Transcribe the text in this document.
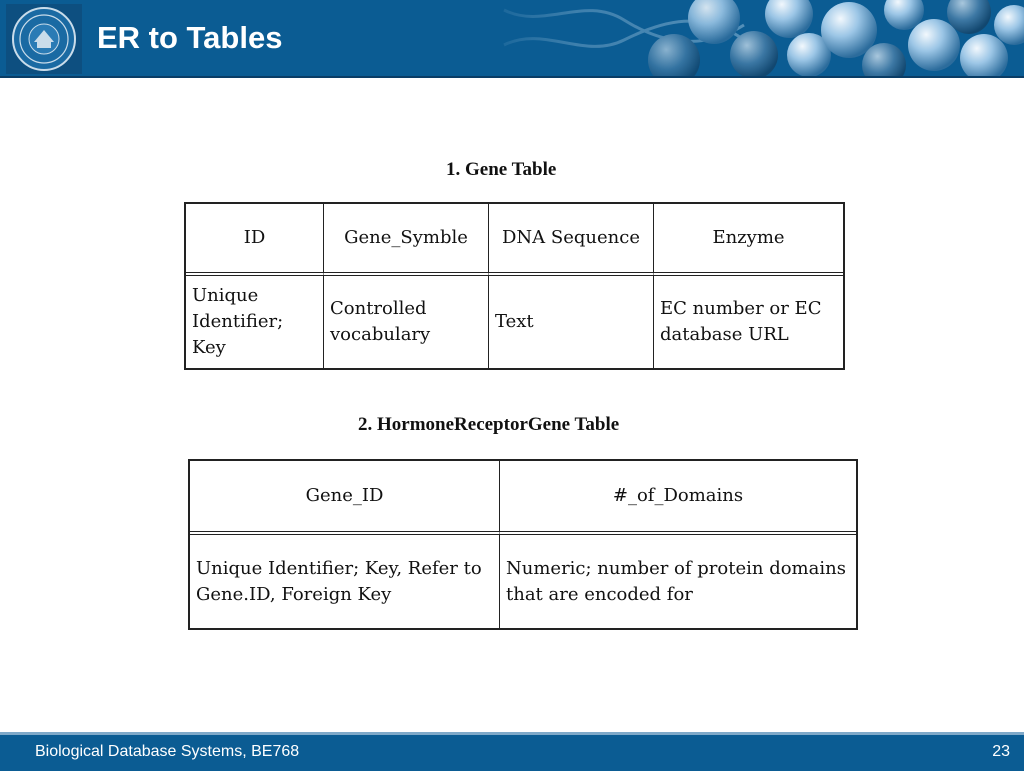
ER to Tables
1. Gene Table
ID	Gene_Symble	DNA Sequence	Enzyme
Unique Identifier; Key	Controlled vocabulary	Text	EC number or EC database URL
2. HormoneReceptorGene Table
Gene_ID	#_of_Domains
Unique Identifier; Key, Refer to Gene.ID, Foreign Key	Numeric; number of protein domains that are encoded for
Biological Database Systems, BE768	23
